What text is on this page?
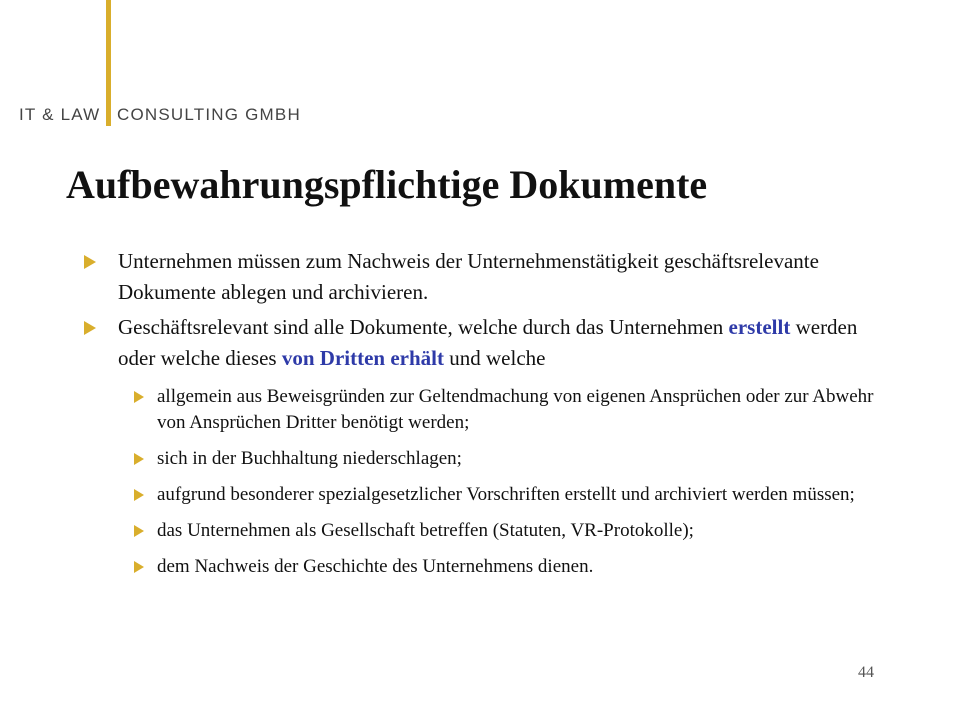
IT & LAW CONSULTING GMBH
Aufbewahrungspflichtige Dokumente
Unternehmen müssen zum Nachweis der Unternehmenstätigkeit geschäftsrelevante Dokumente ablegen und archivieren.
Geschäftsrelevant sind alle Dokumente, welche durch das Unternehmen erstellt werden oder welche dieses von Dritten erhält und welche
allgemein aus Beweisgründen zur Geltendmachung von eigenen Ansprüchen oder zur Abwehr von Ansprüchen Dritter benötigt werden;
sich in der Buchhaltung niederschlagen;
aufgrund besonderer spezialgesetzlicher Vorschriften erstellt und archiviert werden müssen;
das Unternehmen als Gesellschaft betreffen (Statuten, VR-Protokolle);
dem Nachweis der Geschichte des Unternehmens dienen.
44
